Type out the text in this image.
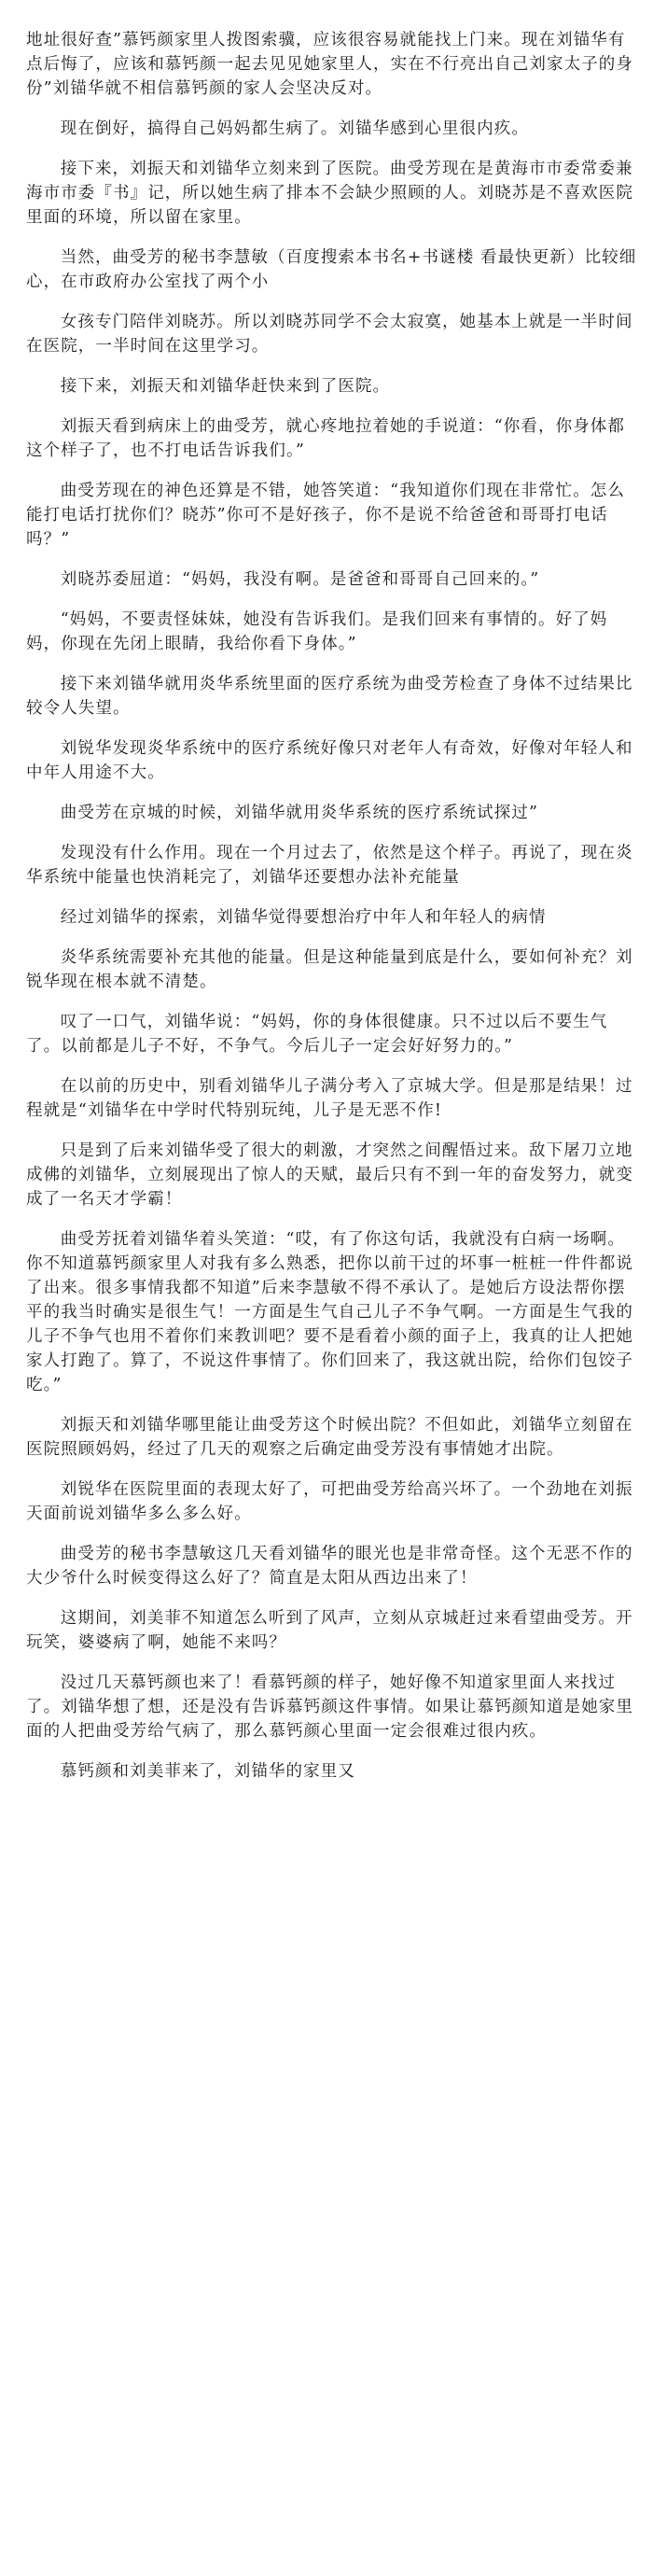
地址很好查”慕钙颜家里人拨图索骥，应该很容易就能找上门来。现在刘锚华有点后悔了，应该和慕钙颜一起去见见她家里人，实在不行亮出自己刘家太子的身份”刘锚华就不相信慕钙颜的家人会坚决反对。

现在倒好，搞得自己妈妈都生病了。刘锚华感到心里很内疚。

接下来，刘振天和刘锚华立刻来到了医院。曲受芳现在是黄海市市委常委兼海市市委『书』记，所以她生病了排本不会缺少照顾的人。刘晓苏是不喜欢医院里面的环境，所以留在家里。

当然，曲受芳的秘书李慧敏（百度搜索本书名+书谜楼 看最快更新）比较细心，在市政府办公室找了两个小

女孩专门陪伴刘晓苏。所以刘晓苏同学不会太寂寞，她基本上就是一半时间在医院，一半时间在这里学习。

接下来，刘振天和刘锚华赶快来到了医院。

刘振天看到病床上的曲受芳，就心疼地拉着她的手说道：“你看，你身体都这个样子了，也不打电话告诉我们。”

曲受芳现在的神色还算是不错，她答笑道：“我知道你们现在非常忙。怎么能打电话打扰你们？晓苏”你可不是好孩子，你不是说不给爸爸和哥哥打电话吗？”

刘晓苏委屈道：“妈妈，我没有啊。是爸爸和哥哥自己回来的。”

“妈妈，不要责怪妹妹，她没有告诉我们。是我们回来有事情的。好了妈妈，你现在先闭上眼睛，我给你看下身体。”

接下来刘锚华就用炎华系统里面的医疗系统为曲受芳检查了身体不过结果比较令人失望。

刘锐华发现炎华系统中的医疗系统好像只对老年人有奇效，好像对年轻人和中年人用途不大。

曲受芳在京城的时候，刘锚华就用炎华系统的医疗系统试探过”

发现没有什么作用。现在一个月过去了，依然是这个样子。再说了，现在炎华系统中能量也快消耗完了，刘锚华还要想办法补充能量

经过刘锚华的探索，刘锚华觉得要想治疗中年人和年轻人的病情

炎华系统需要补充其他的能量。但是这种能量到底是什么，要如何补充？刘锐华现在根本就不清楚。

叹了一口气，刘锚华说：“妈妈，你的身体很健康。只不过以后不要生气了。以前都是儿子不好，不争气。今后儿子一定会好好努力的。”

在以前的历史中，别看刘锚华儿子满分考入了京城大学。但是那是结果！过程就是“刘锚华在中学时代特别玩纯，儿子是无恶不作!

只是到了后来刘锚华受了很大的刺激，才突然之间醒悟过来。敌下屠刀立地成佛的刘锚华，立刻展现出了惊人的天赋，最后只有不到一年的奋发努力，就变成了一名天才学霸！

曲受芳抚着刘锚华着头笑道：“哎，有了你这句话，我就没有白病一场啊。你不知道慕钙颜家里人对我有多么熟悉，把你以前干过的坏事一桩桩一件件都说了出来。很多事情我都不知道”后来李慧敏不得不承认了。是她后方设法帮你摆平的我当时确实是很生气！一方面是生气自己儿子不争气啊。一方面是生气我的儿子不争气也用不着你们来教训吧？要不是看着小颜的面子上，我真的让人把她家人打跑了。算了，不说这件事情了。你们回来了，我这就出院，给你们包饺子吃。”

刘振天和刘锚华哪里能让曲受芳这个时候出院？不但如此，刘锚华立刻留在医院照顾妈妈，经过了几天的观察之后确定曲受芳没有事情她才出院。

刘锐华在医院里面的表现太好了，可把曲受芳给高兴坏了。一个劲地在刘振天面前说刘锚华多么多么好。

曲受芳的秘书李慧敏这几天看刘锚华的眼光也是非常奇怪。这个无恶不作的大少爷什么时候变得这么好了？简直是太阳从西边出来了！

这期间，刘美菲不知道怎么听到了风声，立刻从京城赶过来看望曲受芳。开玩笑，婆婆病了啊，她能不来吗？

没过几天慕钙颜也来了！看慕钙颜的样子，她好像不知道家里面人来找过了。刘锚华想了想，还是没有告诉慕钙颜这件事情。如果让慕钙颜知道是她家里面的人把曲受芳给气病了，那么慕钙颜心里面一定会很难过很内疚。

慕钙颜和刘美菲来了，刘锚华的家里又
